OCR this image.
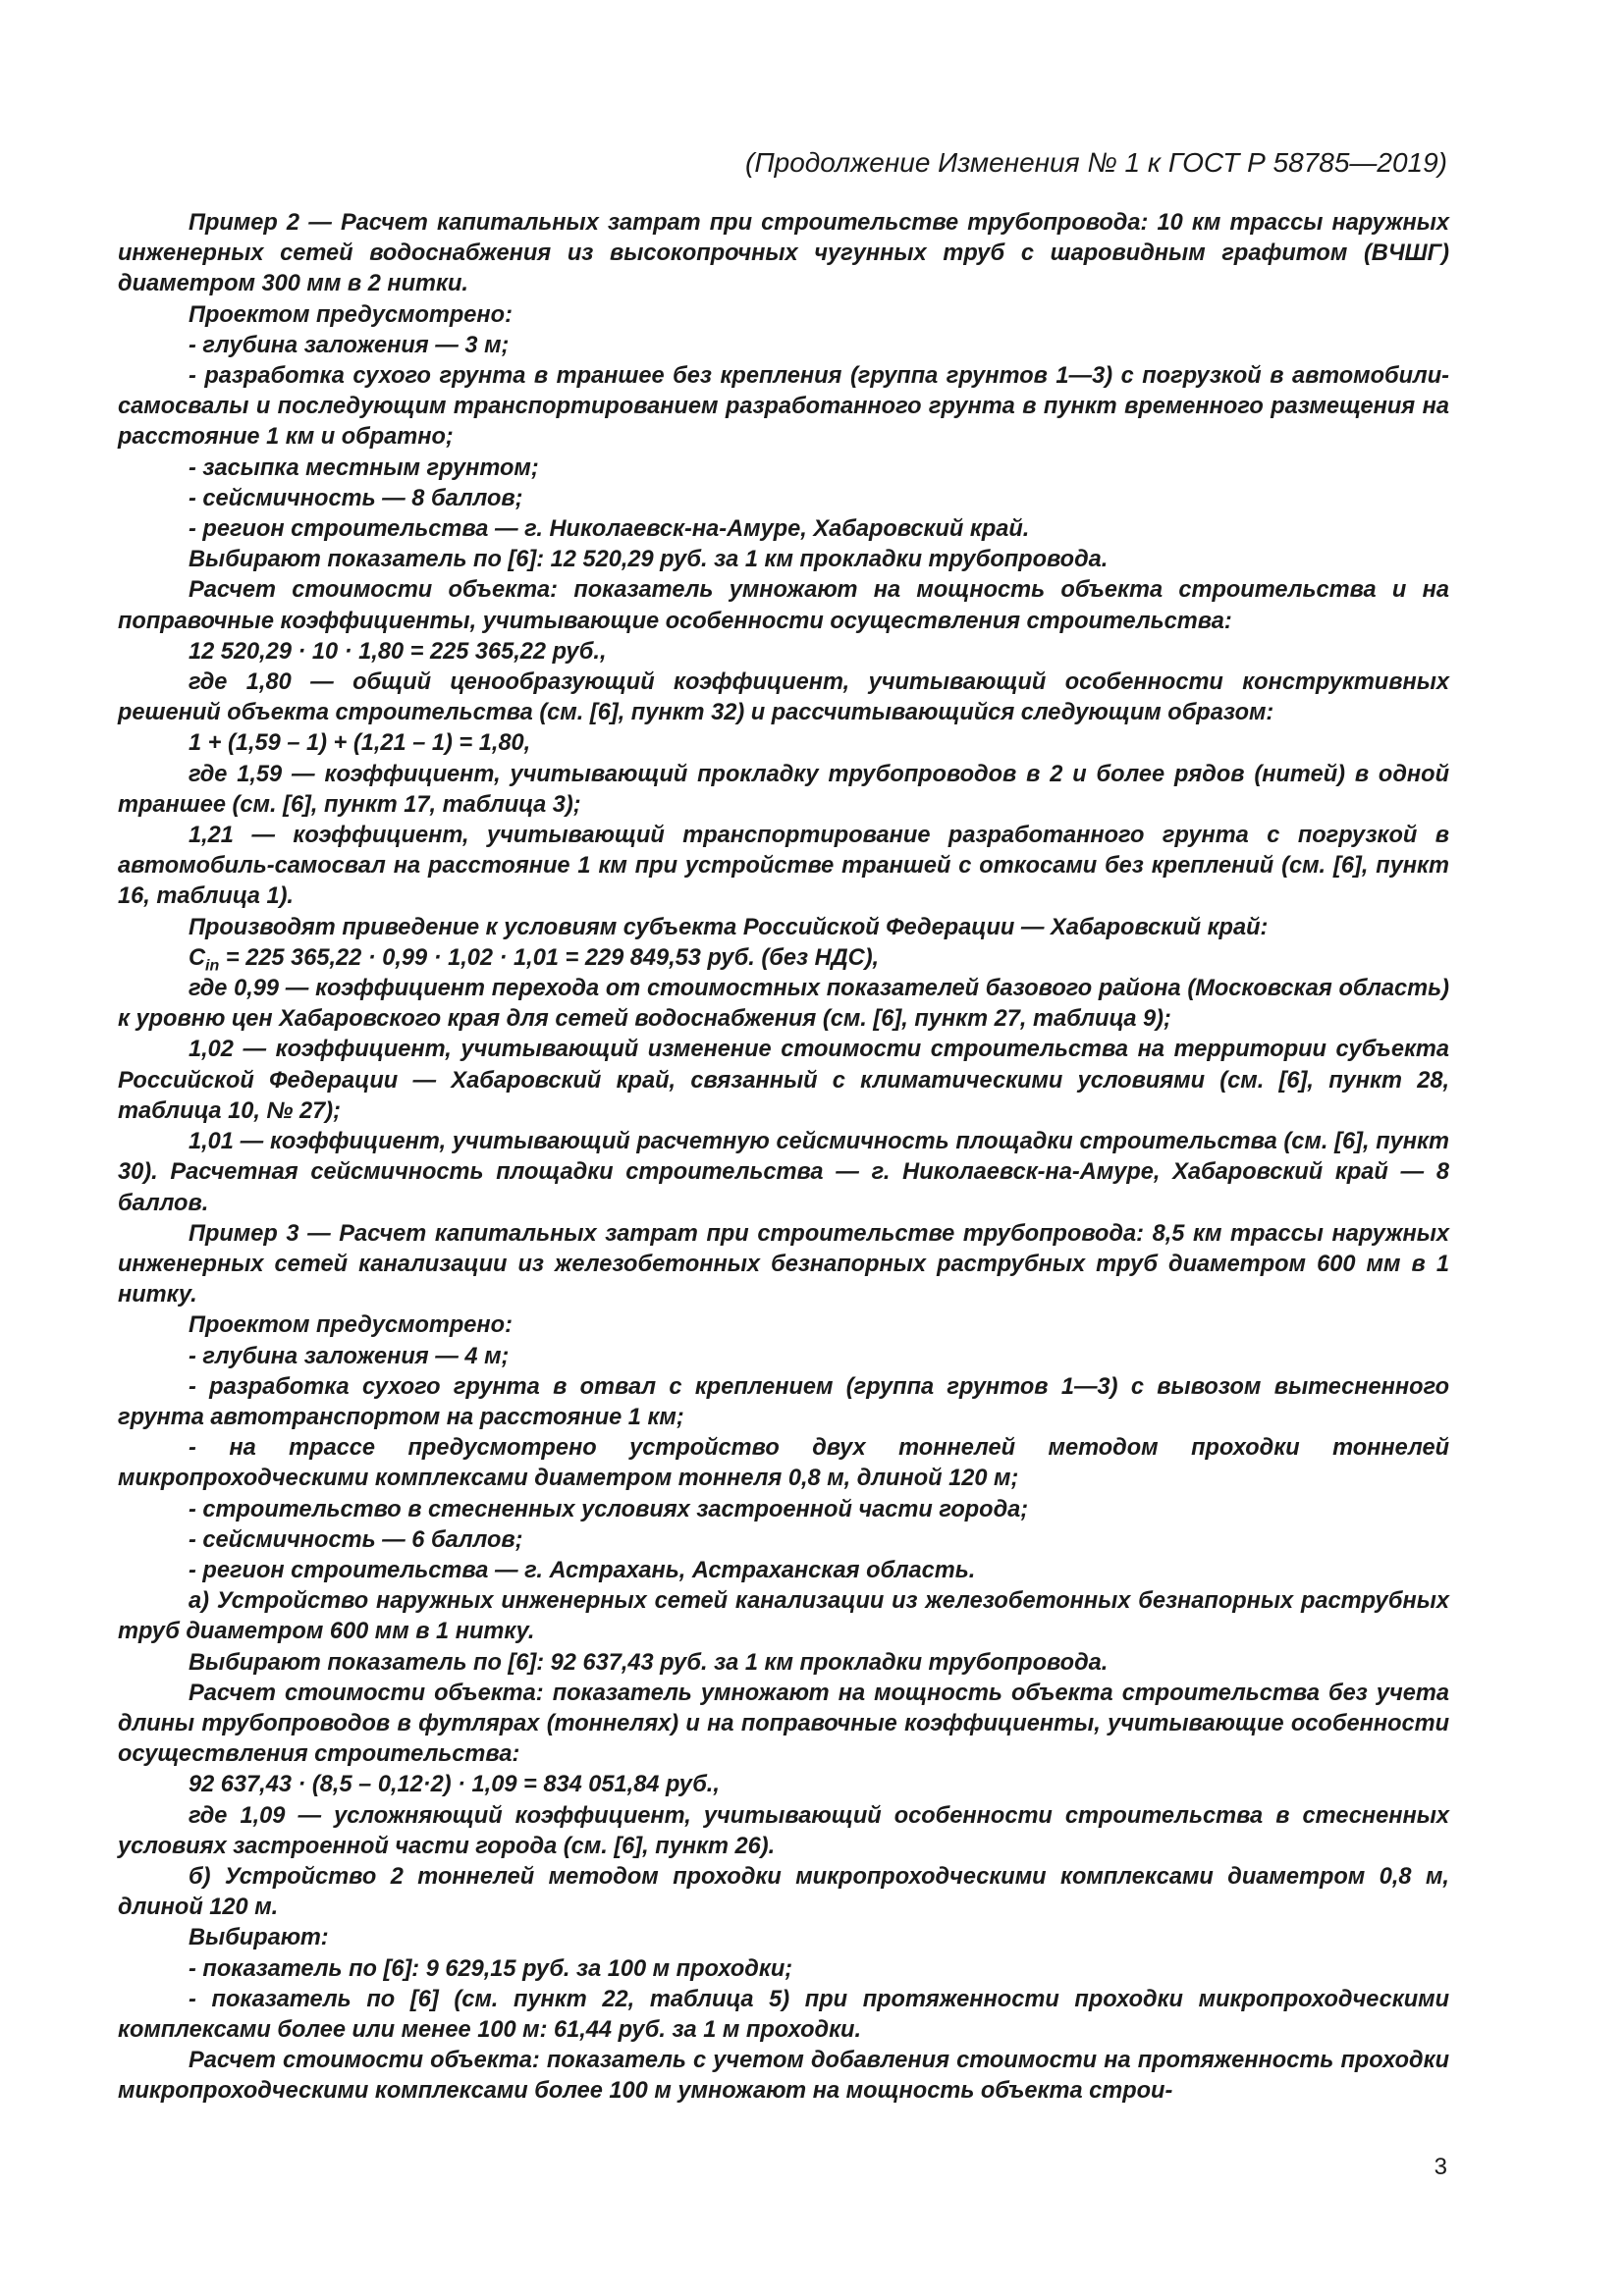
(Продолжение Изменения № 1 к ГОСТ Р 58785—2019)

Пример 2 — Расчет капитальных затрат при строительстве трубопровода: 10 км трассы наружных инженерных сетей водоснабжения из высокопрочных чугунных труб с шаровидным графитом (ВЧШГ) диаметром 300 мм в 2 нитки.

Проектом предусмотрено:

- глубина заложения — 3 м;

- разработка сухого грунта в траншее без крепления (группа грунтов 1—3) с погрузкой в автомобили-самосвалы и последующим транспортированием разработанного грунта в пункт временного размещения на расстояние 1 км и обратно;

- засыпка местным грунтом;

- сейсмичность — 8 баллов;

- регион строительства — г. Николаевск-на-Амуре, Хабаровский край.

Выбирают показатель по [6]: 12 520,29 руб. за 1 км прокладки трубопровода.

Расчет стоимости объекта: показатель умножают на мощность объекта строительства и на поправочные коэффициенты, учитывающие особенности осуществления строительства:

12 520,29 · 10 · 1,80 = 225 365,22 руб.,

где 1,80 — общий ценообразующий коэффициент, учитывающий особенности конструктивных решений объекта строительства (см. [6], пункт 32) и рассчитывающийся следующим образом:

1 + (1,59 – 1) + (1,21 – 1) = 1,80,

где 1,59 — коэффициент, учитывающий прокладку трубопроводов в 2 и более рядов (нитей) в одной траншее (см. [6], пункт 17, таблица 3);

1,21 — коэффициент, учитывающий транспортирование разработанного грунта с погрузкой в автомобиль-самосвал на расстояние 1 км при устройстве траншей с откосами без креплений (см. [6], пункт 16, таблица 1).

Производят приведение к условиям субъекта Российской Федерации — Хабаровский край:

$C_{in} = 225$ 365,22 · 0,99 · 1,02 · 1,01 = 229 849,53 руб. (без НДС),

где 0,99 — коэффициент перехода от стоимостных показателей базового района (Московская область) к уровню цен Хабаровского края для сетей водоснабжения (см. [6], пункт 27, таблица 9);

1,02 — коэффициент, учитывающий изменение стоимости строительства на территории субъекта Российской Федерации — Хабаровский край, связанный с климатическими условиями (см. [6], пункт 28, таблица 10, № 27);

1,01 — коэффициент, учитывающий расчетную сейсмичность площадки строительства (см. [6], пункт 30). Расчетная сейсмичность площадки строительства — г. Николаевск-на-Амуре, Хабаровский край — 8 баллов.

Пример 3 — Расчет капитальных затрат при строительстве трубопровода: 8,5 км трассы наружных инженерных сетей канализации из железобетонных безнапорных раструбных труб диаметром 600 мм в 1 нитку.

Проектом предусмотрено:

- глубина заложения — 4 м;

- разработка сухого грунта в отвал с креплением (группа грунтов 1—3) с вывозом вытесненного грунта автотранспортом на расстояние 1 км;

- на трассе предусмотрено устройство двух тоннелей методом проходки тоннелей микропроходческими комплексами диаметром тоннеля 0,8 м, длиной 120 м;

- строительство в стесненных условиях застроенной части города;

- сейсмичность — 6 баллов;

- регион строительства — г. Астрахань, Астраханская область.

а) Устройство наружных инженерных сетей канализации из железобетонных безнапорных раструбных труб диаметром 600 мм в 1 нитку.

Выбирают показатель по [6]: 92 637,43 руб. за 1 км прокладки трубопровода.

Расчет стоимости объекта: показатель умножают на мощность объекта строительства без учета длины трубопроводов в футлярах (тоннелях) и на поправочные коэффициенты, учитывающие особенности осуществления строительства:

92 637,43 · (8,5 – 0,12·2) · 1,09 = 834 051,84 руб.,

где 1,09 — усложняющий коэффициент, учитывающий особенности строительства в стесненных условиях застроенной части города (см. [6], пункт 26).

б) Устройство 2 тоннелей методом проходки микропроходческими комплексами диаметром 0,8 м, длиной 120 м.

Выбирают:

- показатель по [6]: 9 629,15 руб. за 100 м проходки;

- показатель по [6] (см. пункт 22, таблица 5) при протяженности проходки микропроходческими комплексами более или менее 100 м: 61,44 руб. за 1 м проходки.

Расчет стоимости объекта: показатель с учетом добавления стоимости на протяженность проходки микропроходческими комплексами более 100 м умножают на мощность объекта строи-

3
